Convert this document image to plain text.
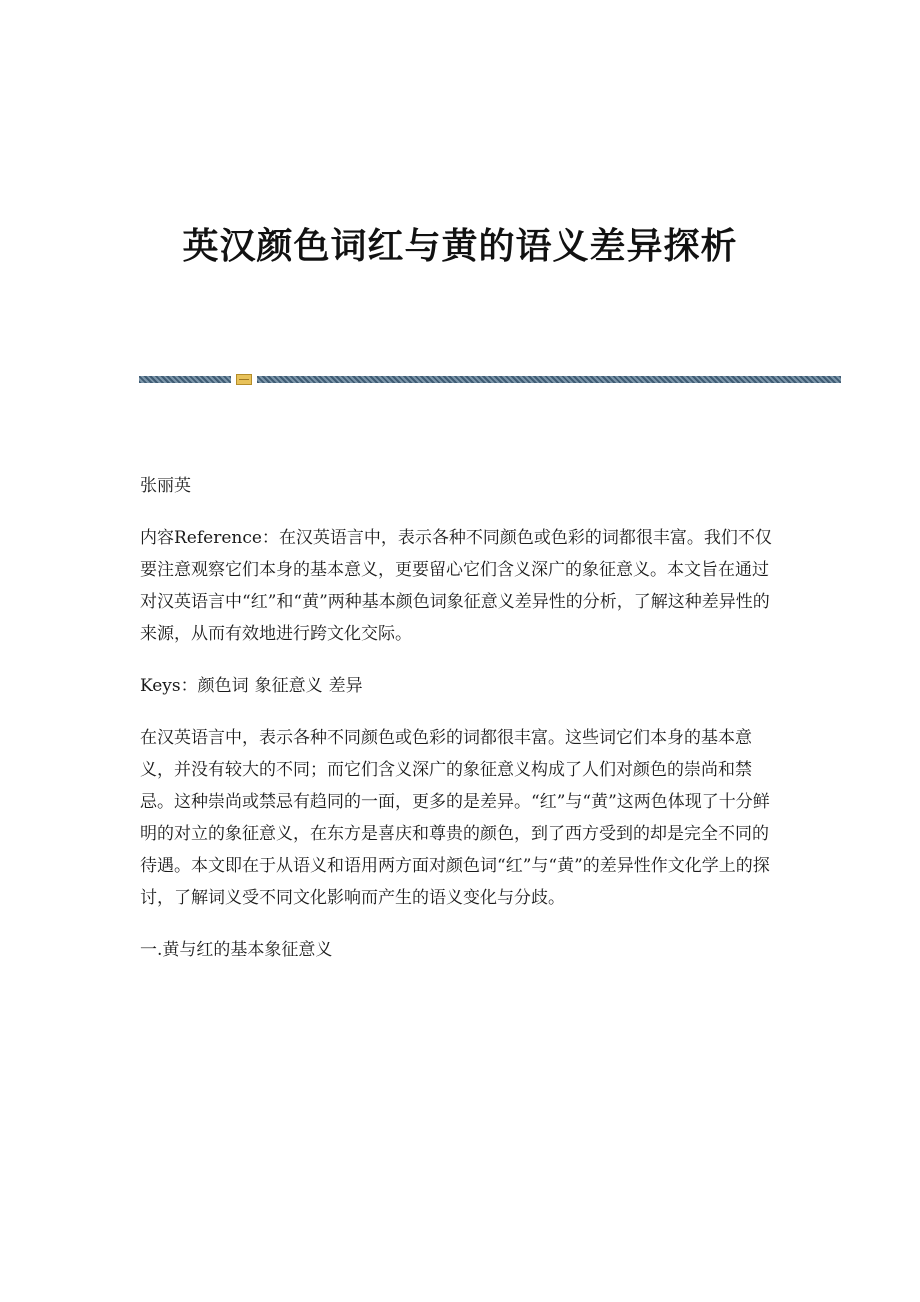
英汉颜色词红与黄的语义差异探析

张丽英

内容Reference：在汉英语言中，表示各种不同颜色或色彩的词都很丰富。我们不仅要注意观察它们本身的基本意义，更要留心它们含义深广的象征意义。本文旨在通过对汉英语言中“红”和“黄”两种基本颜色词象征意义差异性的分析，了解这种差异性的来源，从而有效地进行跨文化交际。

Keys：颜色词 象征意义 差异

在汉英语言中，表示各种不同颜色或色彩的词都很丰富。这些词它们本身的基本意义，并没有较大的不同；而它们含义深广的象征意义构成了人们对颜色的崇尚和禁忌。这种崇尚或禁忌有趋同的一面，更多的是差异。“红”与“黄”这两色体现了十分鲜明的对立的象征意义，在东方是喜庆和尊贵的颜色，到了西方受到的却是完全不同的待遇。本文即在于从语义和语用两方面对颜色词“红”与“黄”的差异性作文化学上的探讨，了解词义受不同文化影响而产生的语义变化与分歧。

一.黄与红的基本象征意义
